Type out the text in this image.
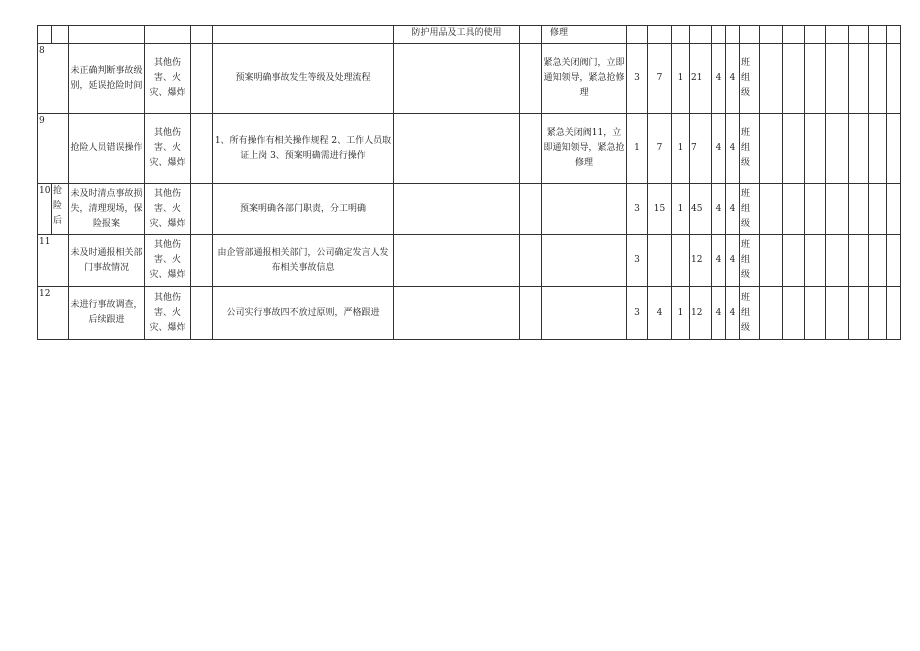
						防护用品及工具的使用		修理														
8		未正确判断事故级别，延误抢险时间	其他伤害、火灾、爆炸		预案明确事故发生等级及处理流程			紧急关闭阀门，立即通知领导，紧急抢修理	3	7	1	21	4	4	班组级							
9		抢险人员错误操作	其他伤害、火灾、爆炸		1、所有操作有相关操作规程 2、工作人员取证上岗 3、预案明确需进行操作			紧急关闭阀11，立即通知领导，紧急抢修理	1	7	1	7	4	4	班组级							
10	抢险后	未及时清点事故损失，清理现场，保险报案	其他伤害、火灾、爆炸		预案明确各部门职责，分工明确				3	15	1	45	4	4	班组级							
11		未及时通报相关部门事故情况	其他伤害、火灾、爆炸		由企管部通报相关部门，公司确定发言人发布相关事故信息				3			12	4	4	班组级							
12		未进行事故调查，后续跟进	其他伤害、火灾、爆炸		公司实行事故四不放过原则，严格跟进				3	4	1	12	4	4	班组级							
